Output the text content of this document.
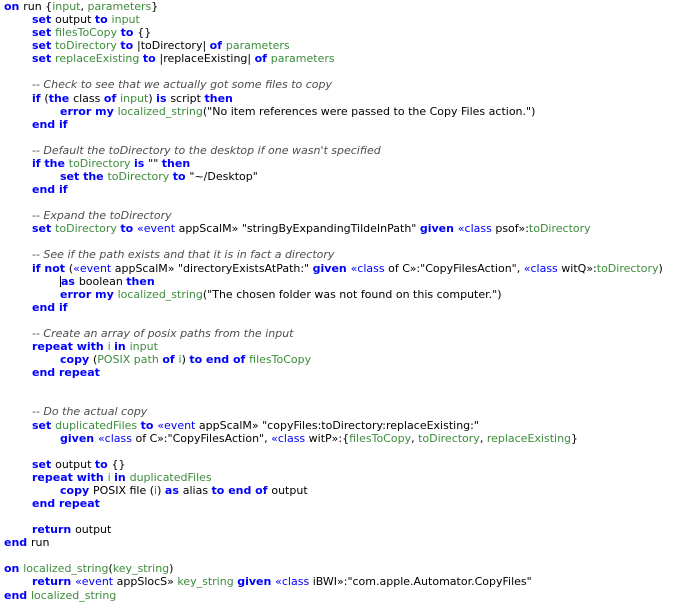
on run {input, parameters}
set output to input
set filesToCopy to {}
set toDirectory to |toDirectory| of parameters
set replaceExisting to |replaceExisting| of parameters
-- Check to see that we actually got some files to copy
if (the class of input) is script then
error my localized_string("No item references were passed to the Copy Files action.")
end if
-- Default the toDirectory to the desktop if one wasn't specified
if the toDirectory is "" then
set the toDirectory to "~/Desktop"
end if
-- Expand the toDirectory
set toDirectory to «event appScalM» "stringByExpandingTildeInPath" given «class psof»:toDirectory
-- See if the path exists and that it is in fact a directory
if not («event appScalM» "directoryExistsAtPath:" given «class of C»:"CopyFilesAction", «class witQ»:toDirectory)
as boolean then
error my localized_string("The chosen folder was not found on this computer.")
end if
-- Create an array of posix paths from the input
repeat with i in input
copy (POSIX path of i) to end of filesToCopy
end repeat
-- Do the actual copy
set duplicatedFiles to «event appScalM» "copyFiles:toDirectory:replaceExisting:"
given «class of C»:"CopyFilesAction", «class witP»:{filesToCopy, toDirectory, replaceExisting}
set output to {}
repeat with i in duplicatedFiles
copy POSIX file (i) as alias to end of output
end repeat
return output
end run
on localized_string(key_string)
return «event appSlocS» key_string given «class iBWI»:"com.apple.Automator.CopyFiles"
end localized_string
